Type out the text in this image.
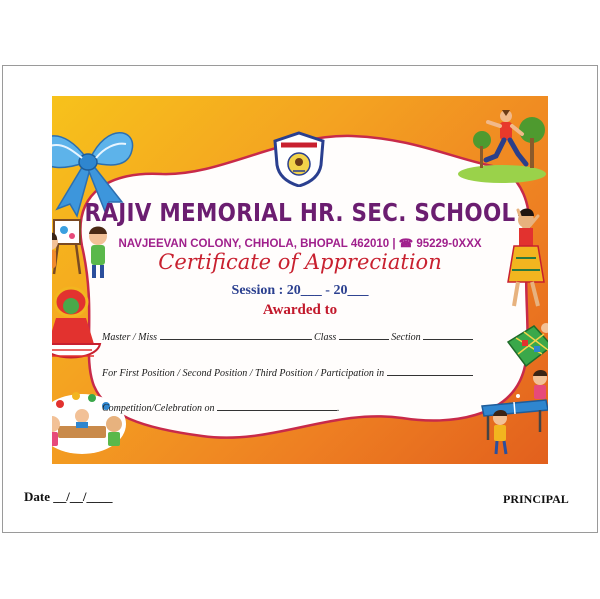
RAJIV MEMORIAL HR. SEC. SCHOOL
NAVJEEVAN COLONY, CHHOLA, BHOPAL 462010 | ☎ 95229-0XXX
Certificate of Appreciation
Session : 20___ - 20___
Awarded to
Master / Miss	Class	Section
For First Position / Second Position / Third Position / Participation in
Competition/Celebration on	.
Date __/__/____	PRINCIPAL
